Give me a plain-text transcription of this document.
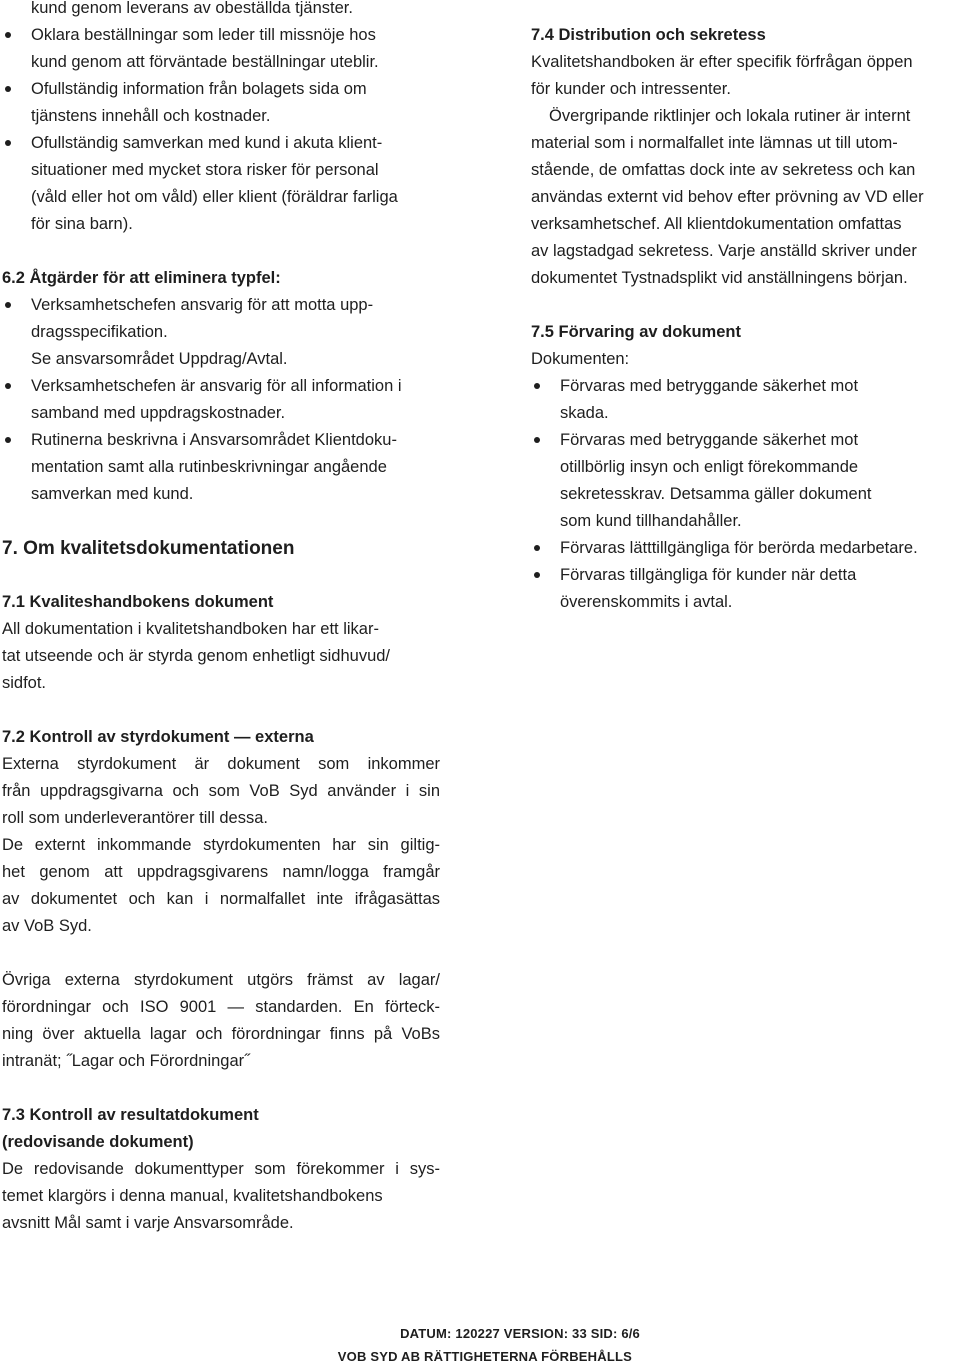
kund genom leverans av obeställda tjänster.
Oklara beställningar som leder till missnöje hos
kund genom att förväntade beställningar uteblir.
Ofullständig information från bolagets sida om
tjänstens innehåll och kostnader.
Ofullständig samverkan med kund i akuta klient-
situationer med mycket stora risker för personal
(våld eller hot om våld) eller klient (föräldrar farliga
för sina barn).
6.2 Åtgärder för att eliminera typfel:
Verksamhetschefen ansvarig för att motta upp-
dragsspecifikation.
Se ansvarsområdet Uppdrag/Avtal.
Verksamhetschefen är ansvarig för all information i
samband med uppdragskostnader.
Rutinerna beskrivna i Ansvarsområdet Klientdoku-
mentation samt alla rutinbeskrivningar angående
samverkan med kund.
7. Om kvalitetsdokumentationen
7.1 Kvaliteshandbokens dokument
All dokumentation i kvalitetshandboken har ett likar-
tat utseende och är styrda genom enhetligt sidhuvud/
sidfot.
7.2 Kontroll av styrdokument — externa
Externa styrdokument är dokument som inkommer
från uppdragsgivarna och som VoB Syd använder i sin
roll som underleverantörer till dessa.
De externt inkommande styrdokumenten har sin giltig-
het genom att uppdragsgivarens namn/logga framgår
av dokumentet och kan i normalfallet inte ifrågasättas
av VoB Syd.
Övriga externa styrdokument utgörs främst av lagar/
förordningar och ISO 9001 — standarden. En förteck-
ning över aktuella lagar och förordningar finns på VoBs
intranät; ˝Lagar och Förordningar˝
7.3 Kontroll av resultatdokument
(redovisande dokument)
De redovisande dokumenttyper som förekommer i sys-
temet klargörs i denna manual, kvalitetshandbokens
avsnitt Mål samt i varje Ansvarsområde.
7.4 Distribution och sekretess
Kvalitetshandboken är efter specifik förfrågan öppen
för kunder och intressenter.
Övergripande riktlinjer och lokala rutiner är internt
material som i normalfallet inte lämnas ut till utom-
stående, de omfattas dock inte av sekretess och kan
användas externt vid behov efter prövning av VD eller
verksamhetschef. All klientdokumentation omfattas
av lagstadgad sekretess. Varje anställd skriver under
dokumentet Tystnadsplikt vid anställningens början.
7.5 Förvaring av dokument
Dokumenten:
Förvaras med betryggande säkerhet mot
skada.
Förvaras med betryggande säkerhet mot
otillbörlig insyn och enligt förekommande
sekretesskrav. Detsamma gäller dokument
som kund tillhandahåller.
Förvaras lätttillgängliga för berörda medarbetare.
Förvaras tillgängliga för kunder när detta
överenskommits i avtal.
DATUM: 120227 VERSION: 33 SID: 6/6
VOB SYD AB RÄTTIGHETERNA FÖRBEHÅLLS
